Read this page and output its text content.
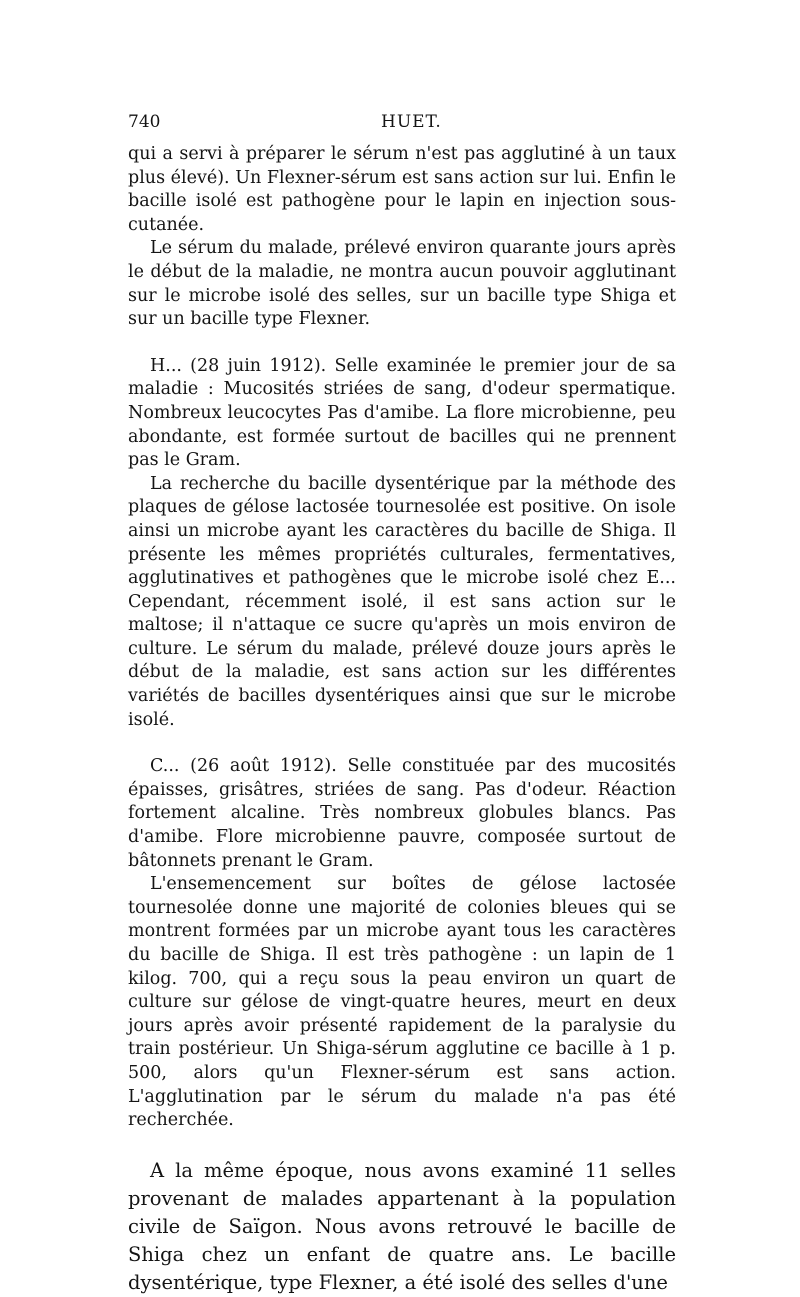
740	HUET.

qui a servi à préparer le sérum n'est pas agglutiné à un taux plus élevé). Un Flexner-sérum est sans action sur lui. Enfin le bacille isolé est pathogène pour le lapin en injection sous-cutanée.

Le sérum du malade, prélevé environ quarante jours après le début de la maladie, ne montra aucun pouvoir agglutinant sur le microbe isolé des selles, sur un bacille type Shiga et sur un bacille type Flexner.

H... (28 juin 1912). Selle examinée le premier jour de sa maladie : Mucosités striées de sang, d'odeur spermatique. Nombreux leucocytes Pas d'amibe. La flore microbienne, peu abondante, est formée surtout de bacilles qui ne prennent pas le Gram.

La recherche du bacille dysentérique par la méthode des plaques de gélose lactosée tournesolée est positive. On isole ainsi un microbe ayant les caractères du bacille de Shiga. Il présente les mêmes propriétés culturales, fermentatives, agglutinatives et pathogènes que le microbe isolé chez E... Cependant, récemment isolé, il est sans action sur le maltose; il n'attaque ce sucre qu'après un mois environ de culture. Le sérum du malade, prélevé douze jours après le début de la maladie, est sans action sur les différentes variétés de bacilles dysentériques ainsi que sur le microbe isolé.

C... (26 août 1912). Selle constituée par des mucosités épaisses, grisâtres, striées de sang. Pas d'odeur. Réaction fortement alcaline. Très nombreux globules blancs. Pas d'amibe. Flore microbienne pauvre, composée surtout de bâtonnets prenant le Gram.

L'ensemencement sur boîtes de gélose lactosée tournesolée donne une majorité de colonies bleues qui se montrent formées par un microbe ayant tous les caractères du bacille de Shiga. Il est très pathogène : un lapin de 1 kilog. 700, qui a reçu sous la peau environ un quart de culture sur gélose de vingt-quatre heures, meurt en deux jours après avoir présenté rapidement de la paralysie du train postérieur. Un Shiga-sérum agglutine ce bacille à 1 p. 500, alors qu'un Flexner-sérum est sans action. L'agglutination par le sérum du malade n'a pas été recherchée.

A la même époque, nous avons examiné 11 selles provenant de malades appartenant à la population civile de Saïgon. Nous avons retrouvé le bacille de Shiga chez un enfant de quatre ans. Le bacille dysentérique, type Flexner, a été isolé des selles d'une
